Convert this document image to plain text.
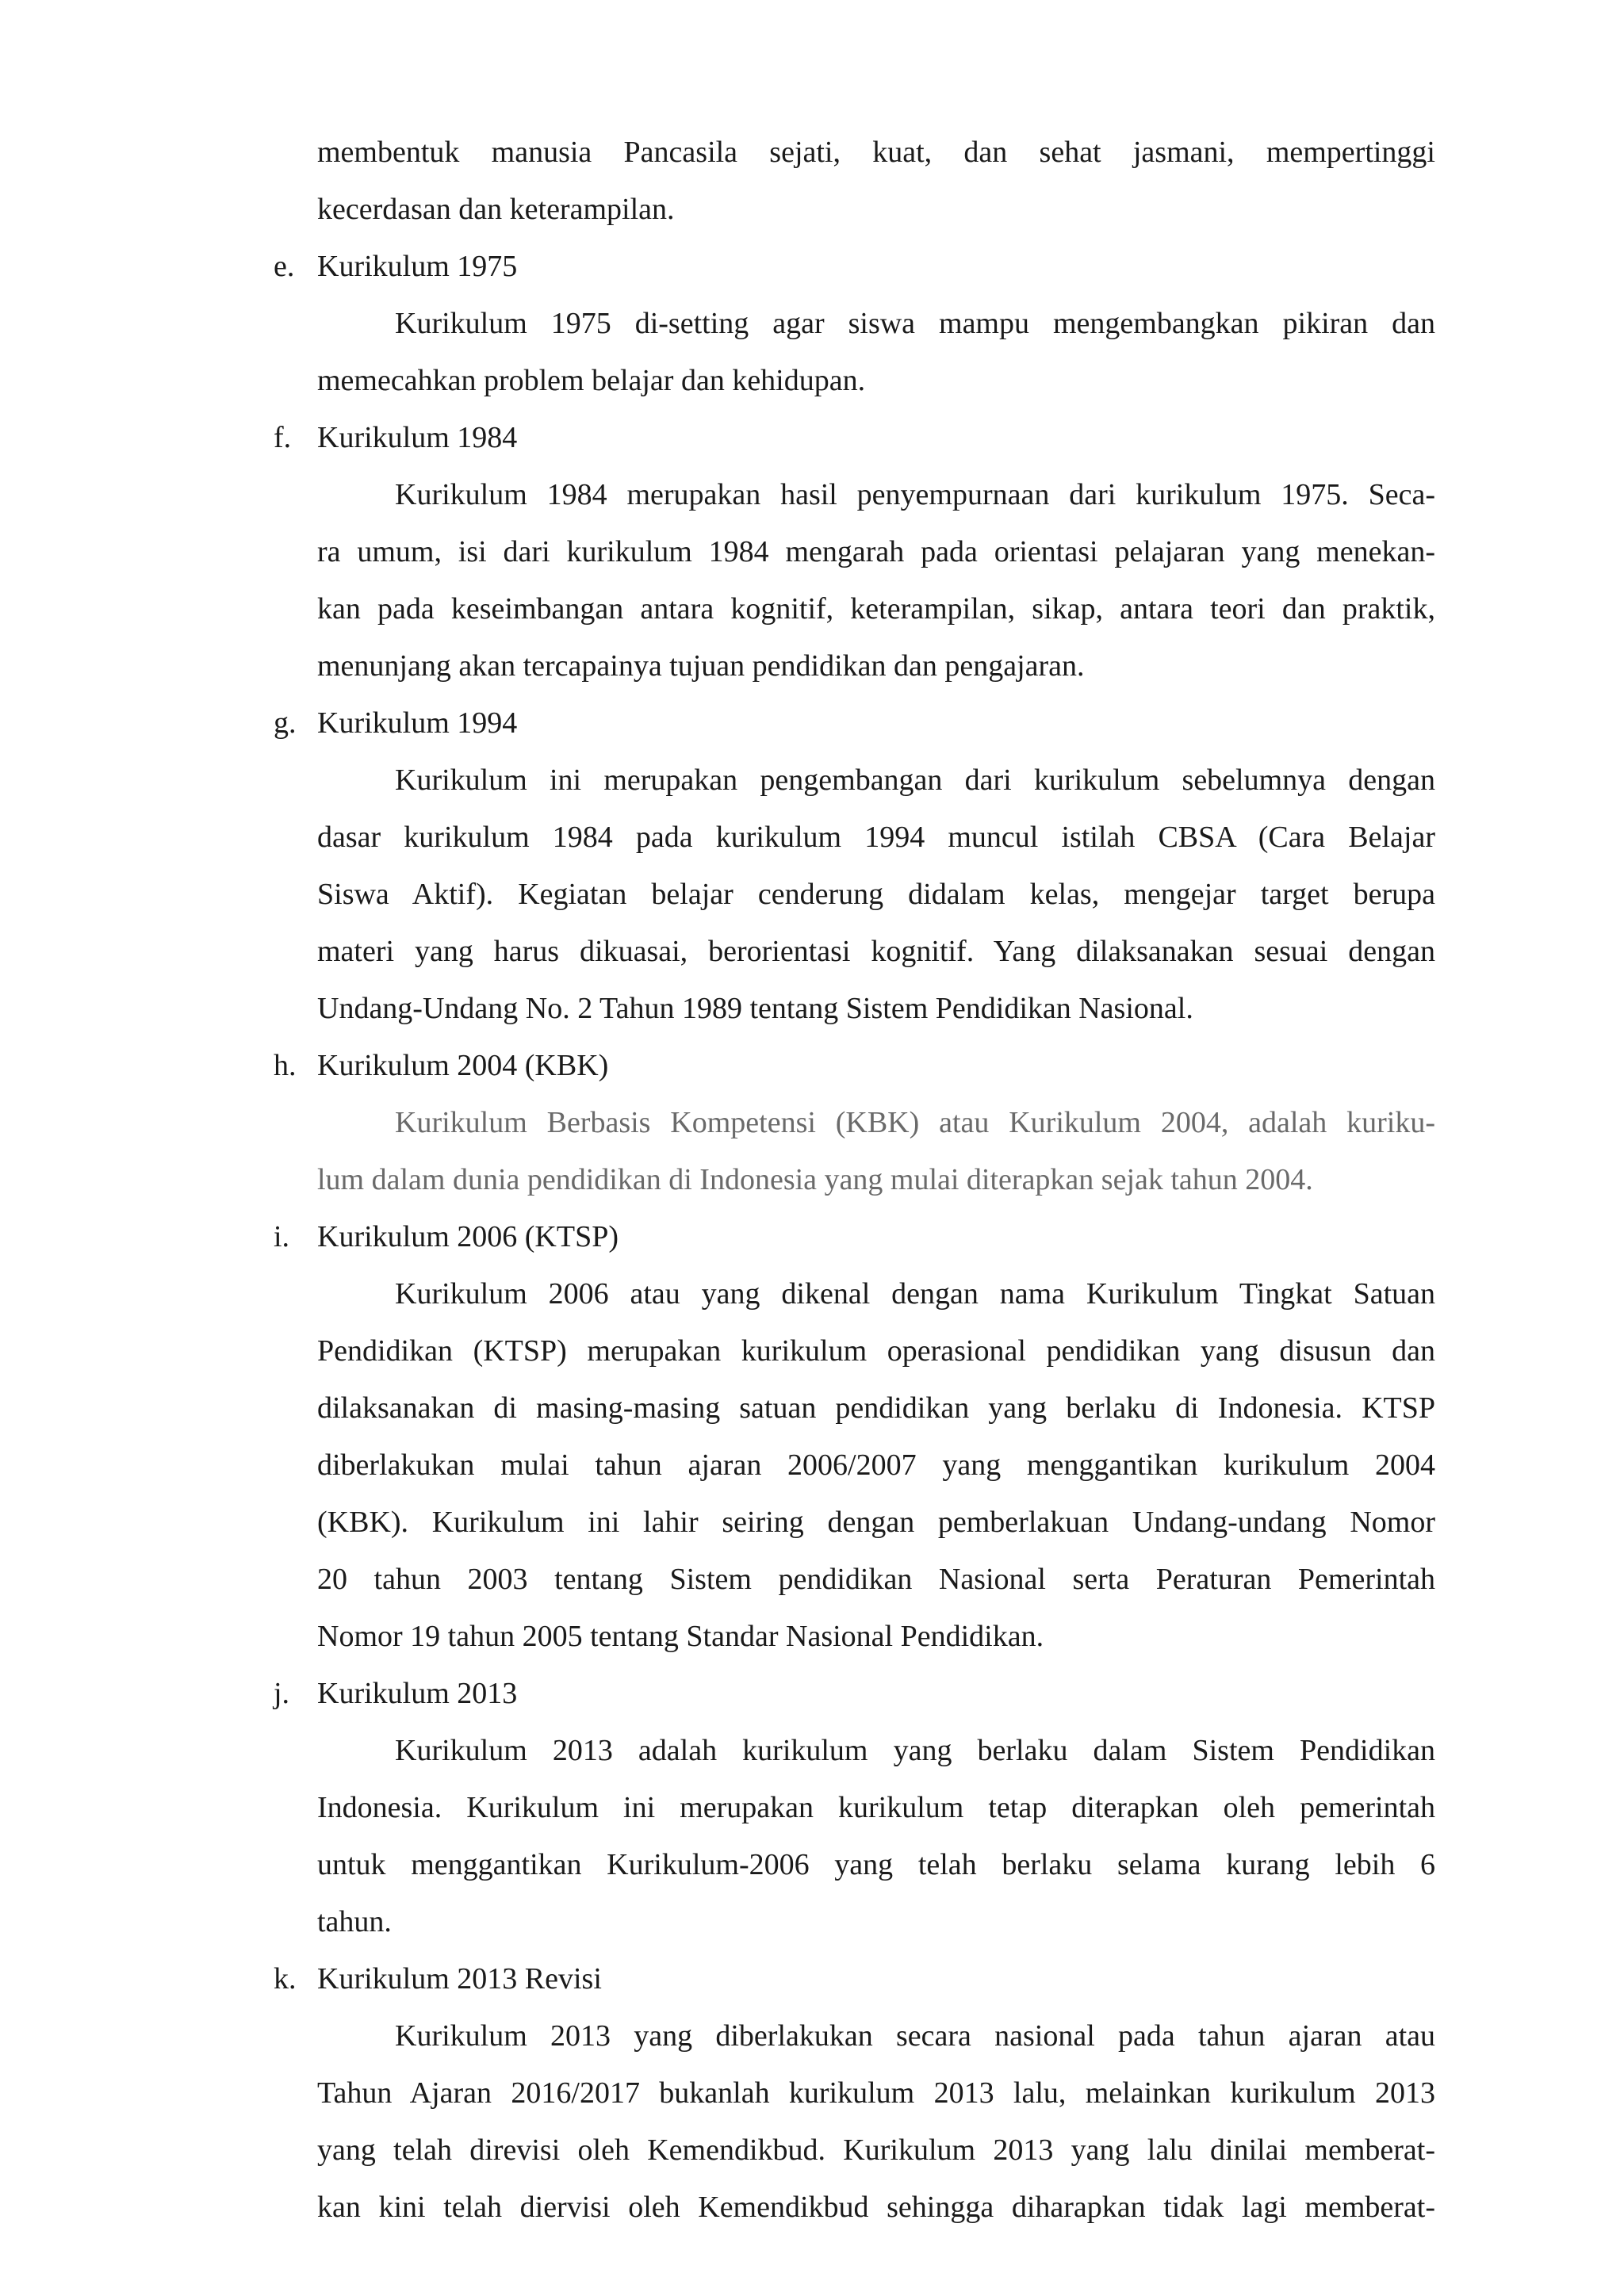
membentuk manusia Pancasila sejati, kuat, dan sehat jasmani, mempertinggi
kecerdasan dan keterampilan.
e. Kurikulum 1975
Kurikulum 1975 di-setting agar siswa mampu mengembangkan pikiran dan
memecahkan problem belajar dan kehidupan.
f. Kurikulum 1984
Kurikulum 1984 merupakan hasil penyempurnaan dari kurikulum 1975. Seca-
ra umum, isi dari kurikulum 1984 mengarah pada orientasi pelajaran yang menekan-
kan pada keseimbangan antara kognitif, keterampilan, sikap, antara teori dan praktik,
menunjang akan tercapainya tujuan pendidikan dan pengajaran.
g. Kurikulum 1994
Kurikulum ini merupakan pengembangan dari kurikulum sebelumnya dengan
dasar kurikulum 1984 pada kurikulum 1994 muncul istilah CBSA (Cara Belajar
Siswa Aktif). Kegiatan belajar cenderung didalam kelas, mengejar target berupa
materi yang harus dikuasai, berorientasi kognitif. Yang dilaksanakan sesuai dengan
Undang-Undang No. 2 Tahun 1989 tentang Sistem Pendidikan Nasional.
h. Kurikulum 2004 (KBK)
Kurikulum Berbasis Kompetensi (KBK) atau Kurikulum 2004, adalah kuriku-
lum dalam dunia pendidikan di Indonesia yang mulai diterapkan sejak tahun 2004.
i. Kurikulum 2006 (KTSP)
Kurikulum 2006 atau yang dikenal dengan nama Kurikulum Tingkat Satuan
Pendidikan (KTSP) merupakan kurikulum operasional pendidikan yang disusun dan
dilaksanakan di masing-masing satuan pendidikan yang berlaku di Indonesia. KTSP
diberlakukan mulai tahun ajaran 2006/2007 yang menggantikan kurikulum 2004
(KBK). Kurikulum ini lahir seiring dengan pemberlakuan Undang-undang Nomor
20 tahun 2003 tentang Sistem pendidikan Nasional serta Peraturan Pemerintah
Nomor 19 tahun 2005 tentang Standar Nasional Pendidikan.
j. Kurikulum 2013
Kurikulum 2013 adalah kurikulum yang berlaku dalam Sistem Pendidikan
Indonesia. Kurikulum ini merupakan kurikulum tetap diterapkan oleh pemerintah
untuk menggantikan Kurikulum-2006 yang telah berlaku selama kurang lebih 6
tahun.
k. Kurikulum 2013 Revisi
Kurikulum 2013 yang diberlakukan secara nasional pada tahun ajaran atau
Tahun Ajaran 2016/2017 bukanlah kurikulum 2013 lalu, melainkan kurikulum 2013
yang telah direvisi oleh Kemendikbud. Kurikulum 2013 yang lalu dinilai memberat-
kan kini telah diervisi oleh Kemendikbud sehingga diharapkan tidak lagi memberat-
